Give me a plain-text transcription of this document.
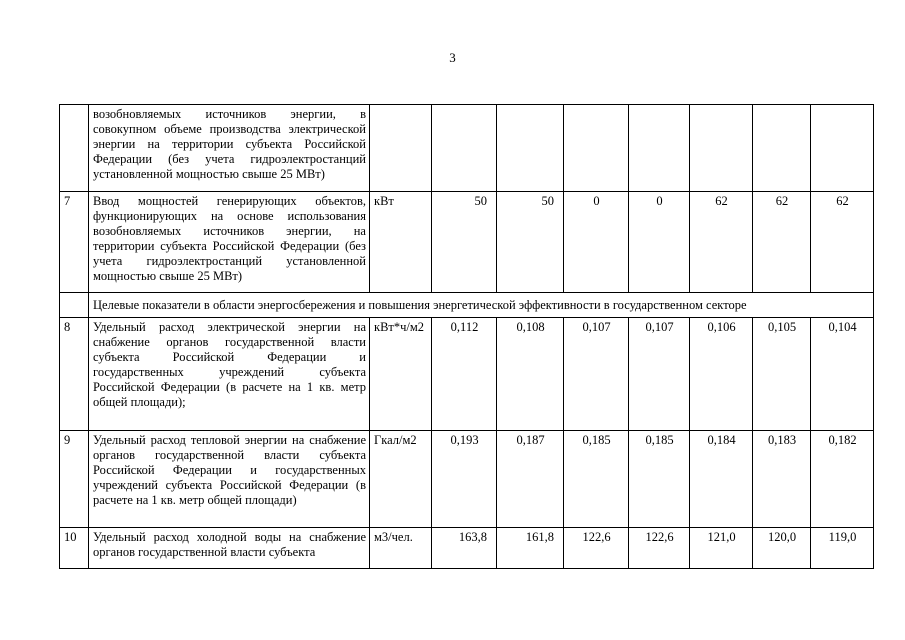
3
	возобновляемых источников энергии, в совокупном объеме производства электрической энергии на территории субъекта Российской Федерации (без учета гидроэлектростанций установленной мощностью свыше 25 МВт)								
7	Ввод мощностей генерирующих объектов, функционирующих на основе использования возобновляемых источников энергии, на территории субъекта Российской Федерации (без учета гидроэлектростанций установленной мощностью свыше 25 МВт)	кВт	50	50	0	0	62	62	62
	Целевые показатели в области энергосбережения и повышения энергетической эффективности в государственном секторе								
8	Удельный расход электрической энергии на снабжение органов государственной власти субъекта Российской Федерации и государственных учреждений субъекта Российской Федерации (в расчете на 1 кв. метр общей площади);	кВт*ч/м2	0,112	0,108	0,107	0,107	0,106	0,105	0,104
9	Удельный расход тепловой энергии на снабжение органов государственной власти субъекта Российской Федерации и государственных учреждений субъекта Российской Федерации (в расчете на 1 кв. метр общей площади)	Гкал/м2	0,193	0,187	0,185	0,185	0,184	0,183	0,182
10	Удельный расход холодной воды на снабжение органов государственной власти субъекта	м3/чел.	163,8	161,8	122,6	122,6	121,0	120,0	119,0
